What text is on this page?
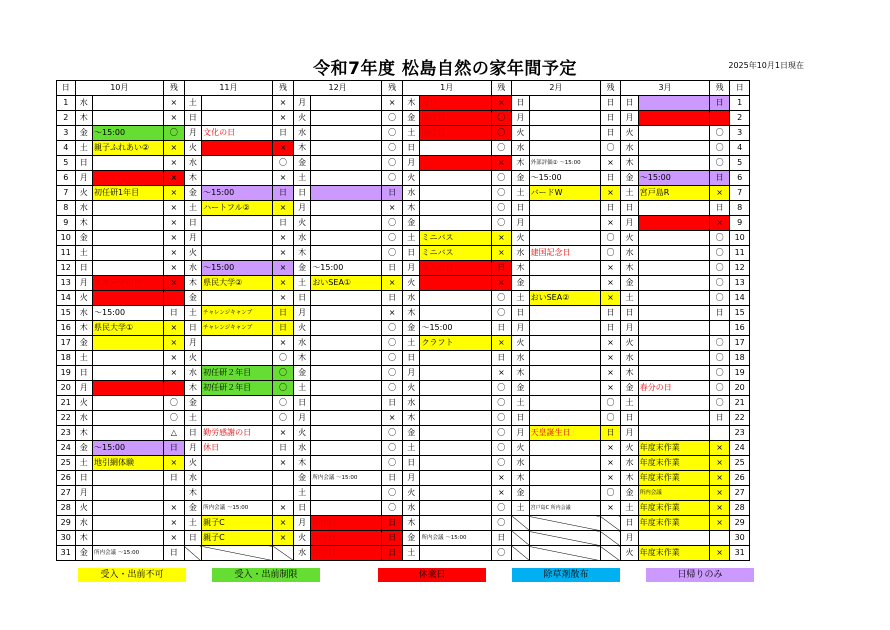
令和7年度 松島自然の家年間予定	2025年10月1日現在
日	10月		残	11月		残	12月		残	1月		残	2月		残	3月		残	日
1	水		×	土		×	月		×	木	元日	×	日		日	日		日	1
2	木		×	日		×	火		〇	金	閉庁日	〇	月		日	月			2
3	金	～15:00	〇	月	文化の日	日	水		〇	土	閉庁日	〇	火		日	火		〇	3
4	土	親子ふれあい②	×	火		×	木		〇	日		〇	水		〇	水		〇	4
5	日		×	水		〇	金		〇	月		×	木	外部評価② ～15:00	×	木		〇	5
6	月		×	木		×	土		〇	火		〇	金	～15:00	日	金	～15:00	日	6
7	火	初任研1年目	×	金	～15:00	日	日		日	水		〇	土	バードW	×	土	宮戸島R	×	7
8	水		×	土	ハートフル②	×	月		×	木		〇	日		日	日		日	8
9	木		×	日		日	火		〇	金		〇	月		×	月		×	9
10	金		×	月		×	水		〇	土	ミニバス	×	火		〇	火		〇	10
11	土		×	火		×	木		〇	日	ミニバス	×	水	建国記念日	〇	水		〇	11
12	日		×	水	～15:00	×	金	～15:00	日	月	成人の日	日	木		×	木		〇	12
13	月	スポーツの日	×	木	県民大学②	×	土	おいSEA①	×	火		×	金		×	金		〇	13
14	火			金		×	日		日	水		〇	土	おいSEA②	×	土		〇	14
15	水	～15:00	日	土	チャレンジキャンプ	日	月		×	木		〇	日		日	日		日	15
16	木	県民大学①	×	日	チャレンジキャンプ	日	火		〇	金	～15:00	日	月		日	月			16
17	金		×	月		×	水		〇	土	クラフト	×	火		×	火		〇	17
18	土		×	火		〇	木		〇	日		日	水		×	水		〇	18
19	日		×	水	初任研２年目	〇	金		〇	月		×	木		×	木		〇	19
20	月			木	初任研２年目	〇	土		〇	火		〇	金		×	金	春分の日	〇	20
21	火		〇	金		〇	日		日	水		〇	土		〇	土		〇	21
22	水		〇	土		〇	月		×	木		〇	日		〇	日		日	22
23	木		△	日	勤労感謝の日	×	火		〇	金		〇	月	天皇誕生日	日	月			23
24	金	～15:00	日	月	休日	日	水		〇	土		〇	火		×	火	年度末作業	×	24
25	土	地引網体験	×	火		×	木		〇	日		〇	水		×	水	年度末作業	×	25
26	日		日	水			金	所内会議 ～15:00	日	月		×	木		×	木	年度末作業	×	26
27	月			木			土		〇	火		×	金		〇	金	所内会議	×	27
28	火		×	金	所内会議 ～15:00	×	日		〇	水		〇	土	宮戸島C 所内会議	×	土	年度末作業	×	28
29	水		×	土	親子C	×	月	閉庁日	日	木		〇				日	年度末作業	×	29
30	木		×	日	親子C	×	火	閉庁日	日	金	所内会議 ～15:00	日				月			30
31	金	所内会議 ～15:00	日				水	閉庁日	日	土		〇				火	年度末作業	×	31
受入・出前不可	受入・出前制限	休業日	除草剤散布	日帰りのみ
